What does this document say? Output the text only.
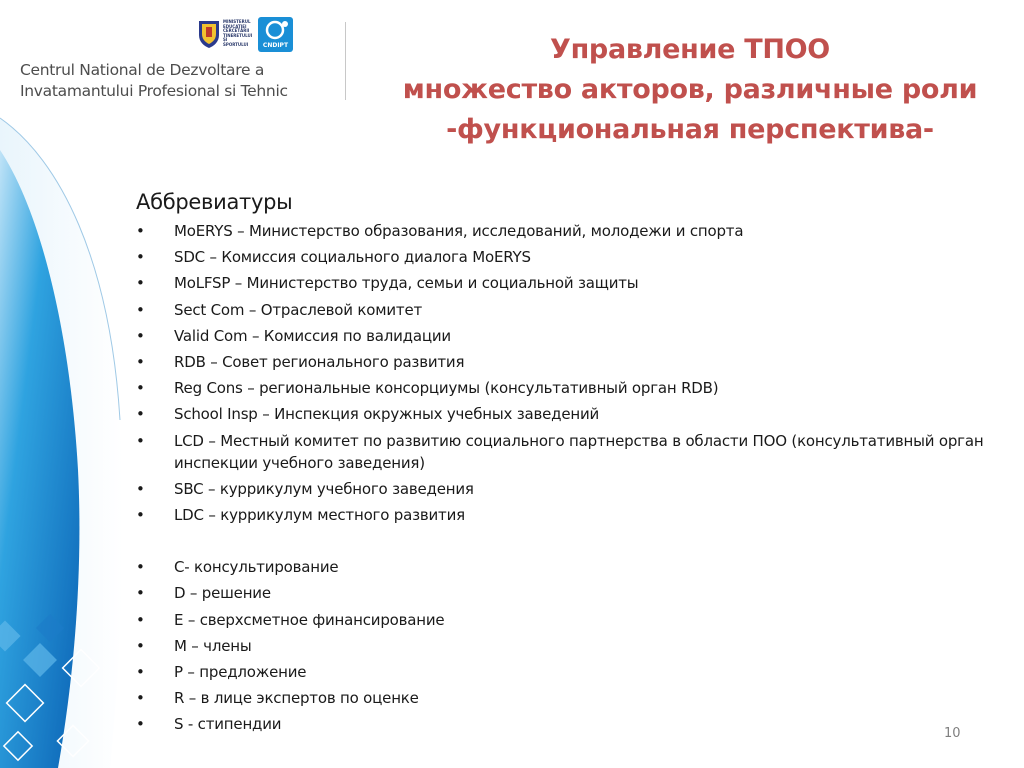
MINISTERUL
EDUCAȚIEI
CERCETĂRII
TINERETULUI
ȘI SPORTULUI	CNDIPT
Centrul National de Dezvoltare a
Invatamantului Profesional si Tehnic
Управление ТПОО
множество акторов, различные роли
-функциональная перспектива-
Аббревиатуры
• MoERYS – Министерство образования, исследований, молодежи и спорта
• SDC – Комиссия социального диалога MoERYS
• MoLFSP – Министерство труда, семьи и социальной защиты
• Sect Com – Отраслевой комитет
• Valid Com – Комиссия по валидации
• RDB – Совет регионального развития
• Reg Cons – региональные консорциумы (консультативный орган RDB)
• School Insp – Инспекция окружных учебных заведений
• LCD – Местный комитет по развитию социального партнерства в области ПОО (консультативный орган инспекции учебного заведения)
• SBC – куррикулум учебного заведения
• LDC – куррикулум местного развития
• C- консультирование
• D – решение
• E – сверхсметное финансирование
• M – члены
• P – предложение
• R – в лице экспертов по оценке
• S - стипендии
10
